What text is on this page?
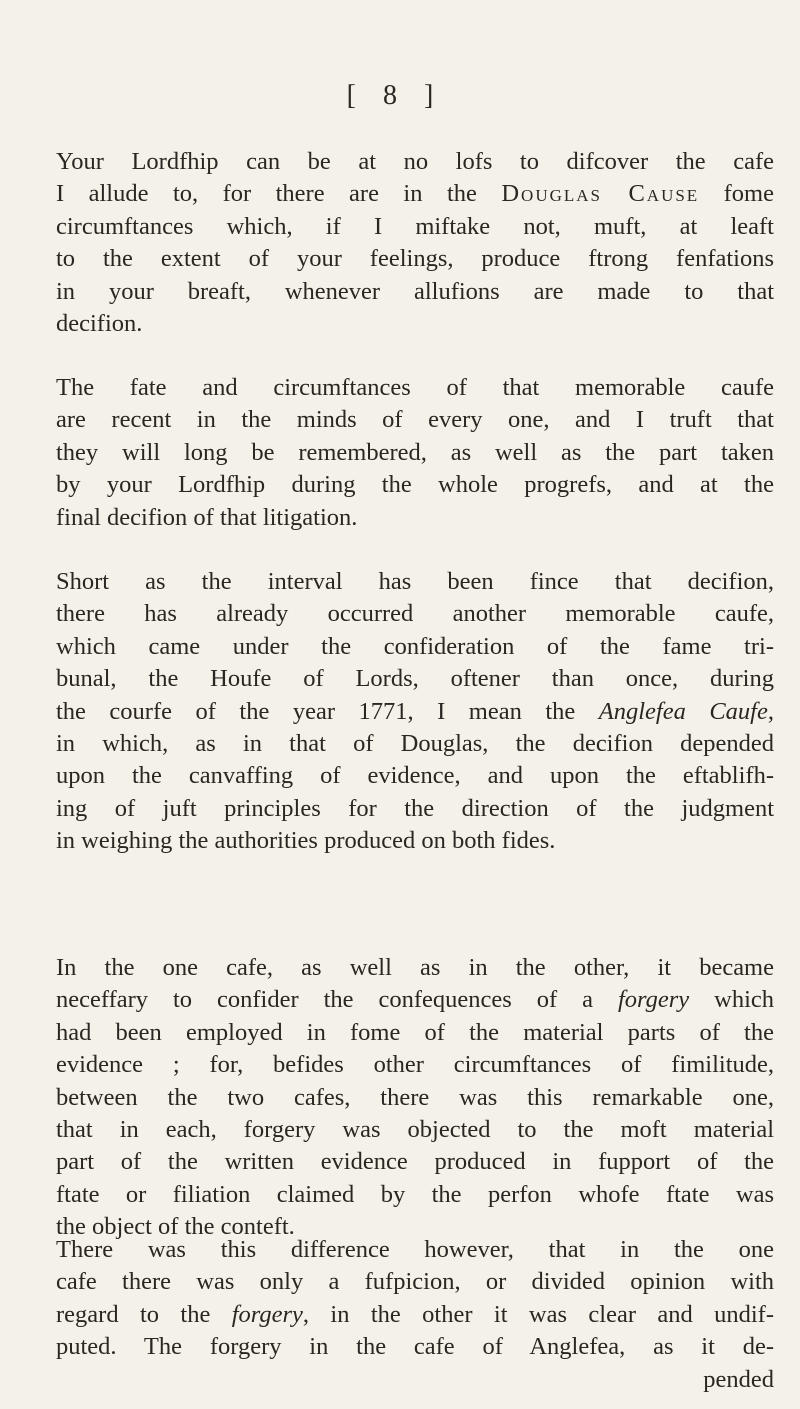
[ 8 ]
Your Lordfhip can be at no lofs to difcover the cafe
I allude to, for there are in the Douglas Cause fome
circumftances which, if I miftake not, muft, at leaft
to the extent of your feelings, produce ftrong fenfations
in your breaft, whenever allufions are made to that
decifion.
The fate and circumftances of that memorable caufe
are recent in the minds of every one, and I truft that
they will long be remembered, as well as the part taken
by your Lordfhip during the whole progrefs, and at the
final decifion of that litigation.
Short as the interval has been fince that decifion,
there has already occurred another memorable caufe,
which came under the confideration of the fame tri-
bunal, the Houfe of Lords, oftener than once, during
the courfe of the year 1771, I mean the Anglefea Caufe,
in which, as in that of Douglas, the decifion depended
upon the canvaffing of evidence, and upon the eftablifh-
ing of juft principles for the direction of the judgment
in weighing the authorities produced on both fides.
In the one cafe, as well as in the other, it became
neceffary to confider the confequences of a forgery which
had been employed in fome of the material parts of the
evidence ; for, befides other circumftances of fimilitude,
between the two cafes, there was this remarkable one,
that in each, forgery was objected to the moft material
part of the written evidence produced in fupport of the
ftate or filiation claimed by the perfon whofe ftate was
the object of the conteft.
There was this difference however, that in the one
cafe there was only a fufpicion, or divided opinion with
regard to the forgery, in the other it was clear and undif-
puted. The forgery in the cafe of Anglefea, as it de-
pended
